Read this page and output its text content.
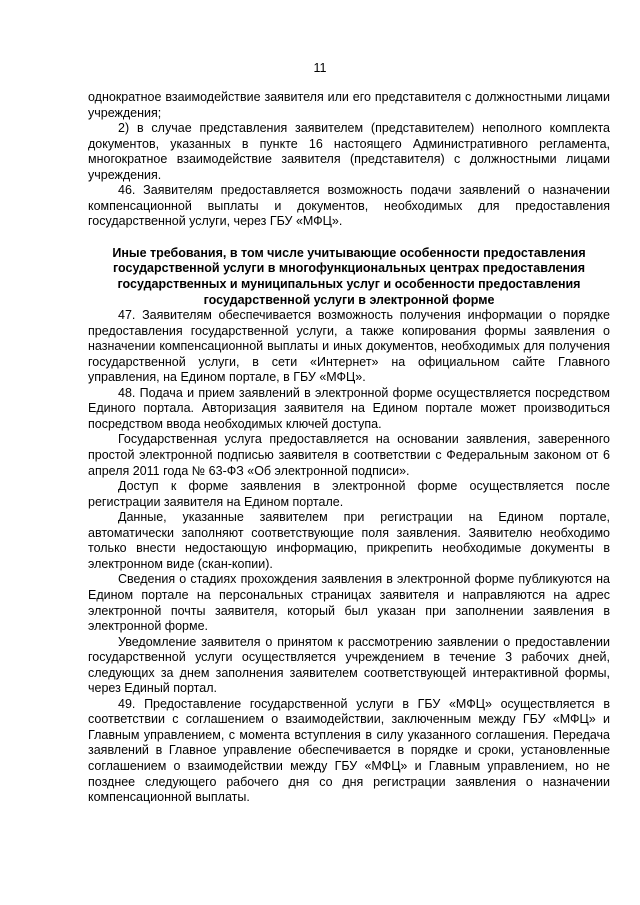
11

однократное взаимодействие заявителя или его представителя с должностными лицами учреждения;

2) в случае представления заявителем (представителем) неполного комплекта документов, указанных в пункте 16 настоящего Административного регламента, многократное взаимодействие заявителя (представителя) с должностными лицами учреждения.

46. Заявителям предоставляется возможность подачи заявлений о назначении компенсационной выплаты и документов, необходимых для предоставления государственной услуги, через ГБУ «МФЦ».

Иные требования, в том числе учитывающие особенности предоставления государственной услуги в многофункциональных центрах предоставления государственных и муниципальных услуг и особенности предоставления государственной услуги в электронной форме

47. Заявителям обеспечивается возможность получения информации о порядке предоставления государственной услуги, а также копирования формы заявления о назначении компенсационной выплаты и иных документов, необходимых для получения государственной услуги, в сети «Интернет» на официальном сайте Главного управления, на Едином портале, в ГБУ «МФЦ».

48. Подача и прием заявлений в электронной форме осуществляется посредством Единого портала. Авторизация заявителя на Едином портале может производиться посредством ввода необходимых ключей доступа.

Государственная услуга предоставляется на основании заявления, заверенного простой электронной подписью заявителя в соответствии с Федеральным законом от 6 апреля 2011 года № 63-ФЗ «Об электронной подписи».

Доступ к форме заявления в электронной форме осуществляется после регистрации заявителя на Едином портале.

Данные, указанные заявителем при регистрации на Едином портале, автоматически заполняют соответствующие поля заявления. Заявителю необходимо только внести недостающую информацию, прикрепить необходимые документы в электронном виде (скан-копии).

Сведения о стадиях прохождения заявления в электронной форме публикуются на Едином портале на персональных страницах заявителя и направляются на адрес электронной почты заявителя, который был указан при заполнении заявления в электронной форме.

Уведомление заявителя о принятом к рассмотрению заявлении о предоставлении государственной услуги осуществляется учреждением в течение 3 рабочих дней, следующих за днем заполнения заявителем соответствующей интерактивной формы, через Единый портал.

49. Предоставление государственной услуги в ГБУ «МФЦ» осуществляется в соответствии с соглашением о взаимодействии, заключенным между ГБУ «МФЦ» и Главным управлением, с момента вступления в силу указанного соглашения. Передача заявлений в Главное управление обеспечивается в порядке и сроки, установленные соглашением о взаимодействии между ГБУ «МФЦ» и Главным управлением, но не позднее следующего рабочего дня со дня регистрации заявления о назначении компенсационной выплаты.
